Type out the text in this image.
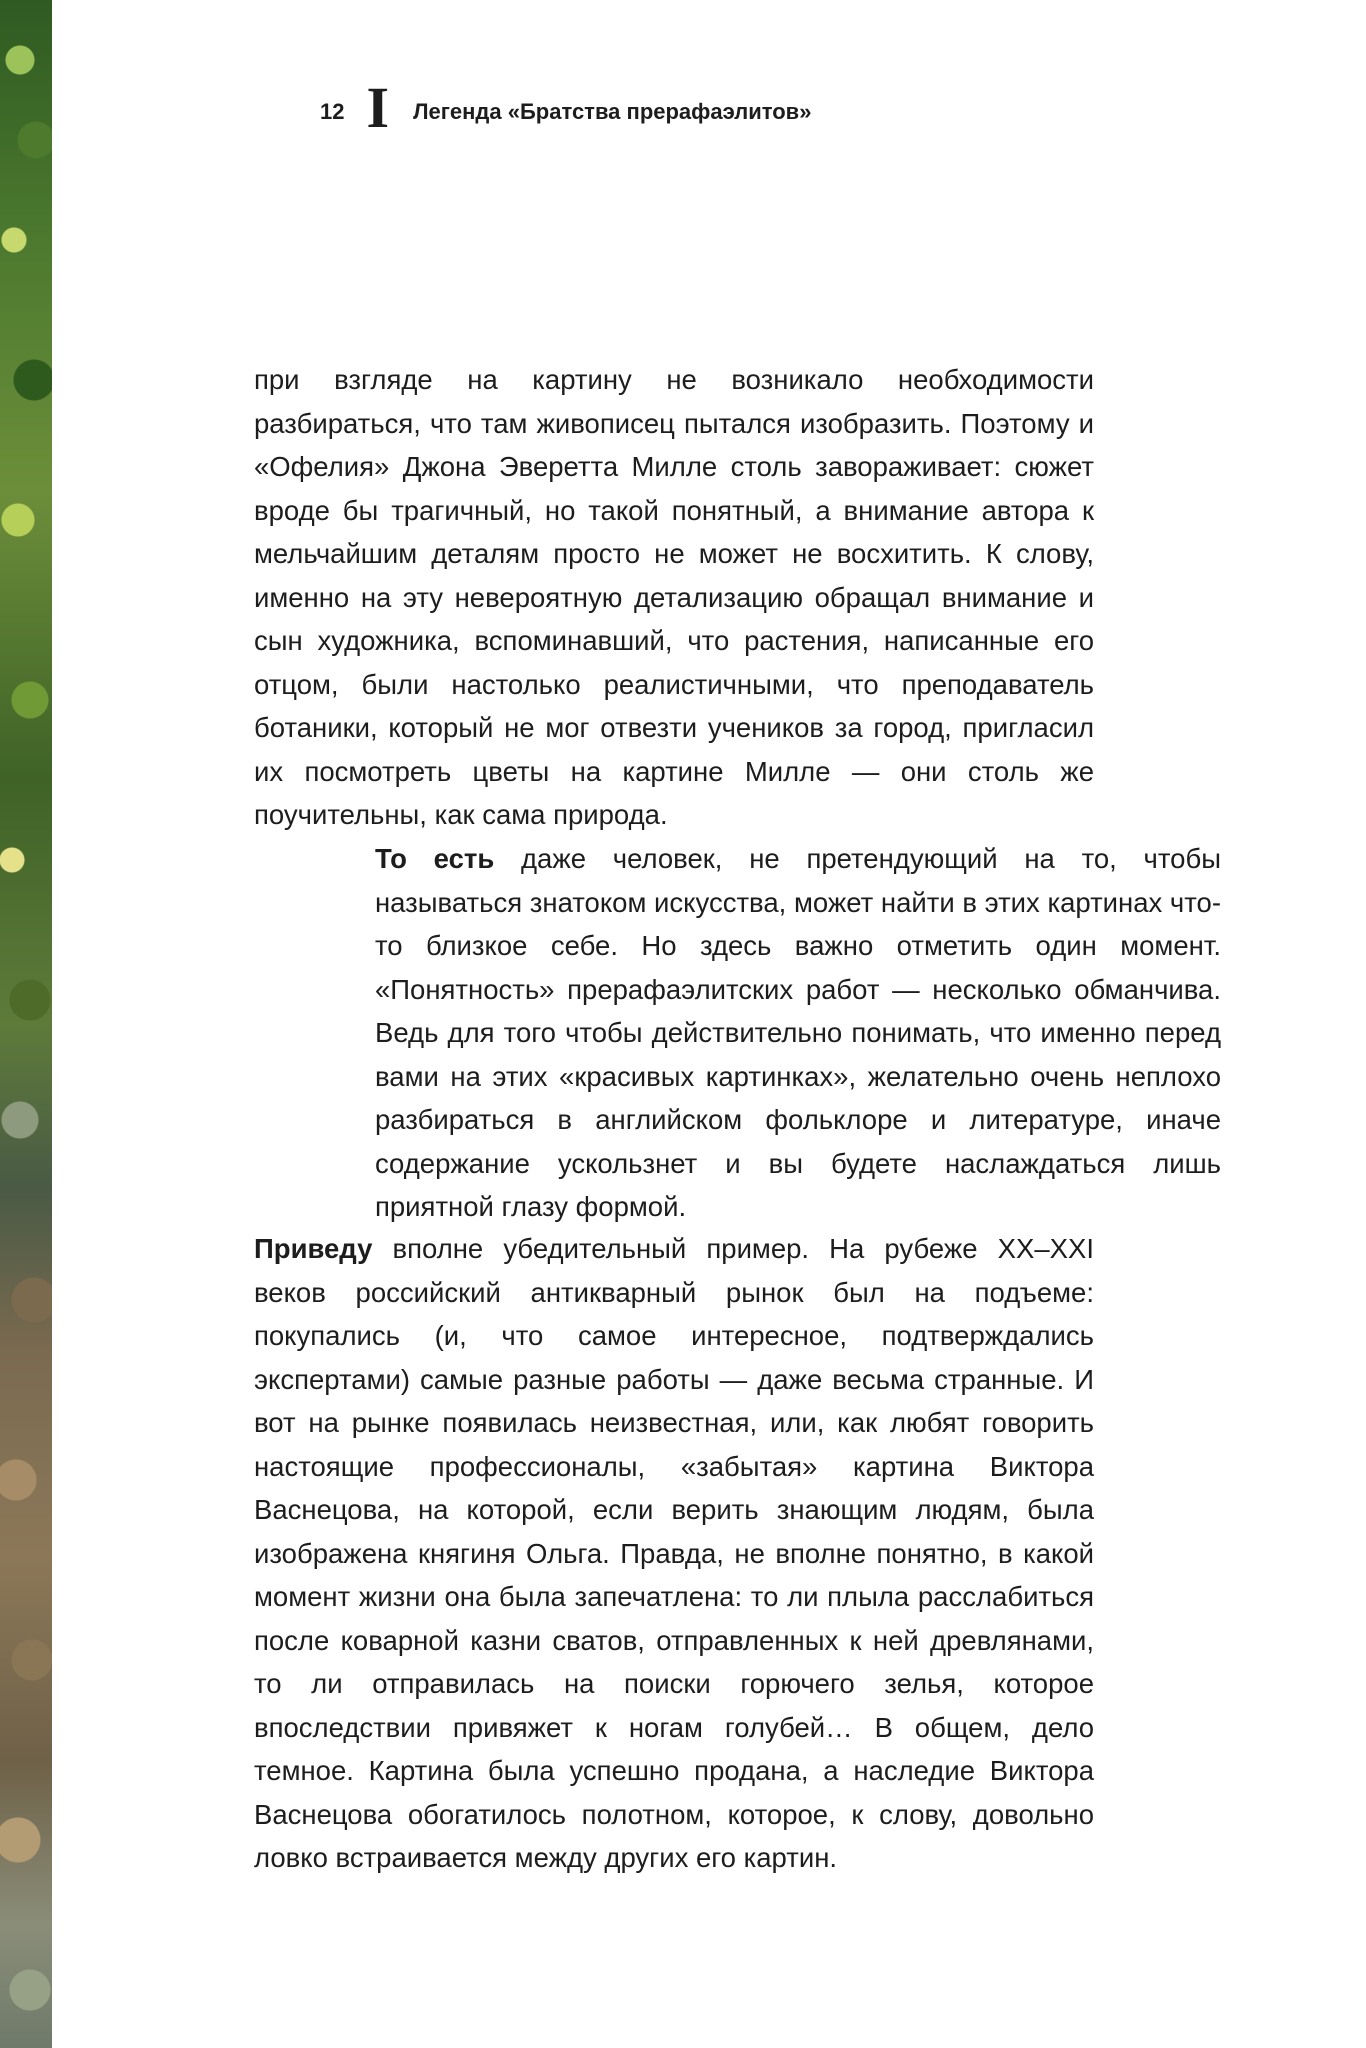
12 I Легенда «Братства прерафаэлитов»
при взгляде на картину не возникало необходимости разбираться, что там живописец пытался изобразить. Поэтому и «Офелия» Джона Эверетта Милле столь завораживает: сюжет вроде бы трагичный, но такой понятный, а внимание автора к мельчайшим деталям просто не может не восхитить. К слову, именно на эту невероятную детализацию обращал внимание и сын художника, вспоминавший, что растения, написанные его отцом, были настолько реалистичными, что преподаватель ботаники, который не мог отвезти учеников за город, пригласил их посмотреть цветы на картине Милле — они столь же поучительны, как сама природа.
То есть даже человек, не претендующий на то, чтобы называться знатоком искусства, может найти в этих картинах что-то близкое себе. Но здесь важно отметить один момент. «Понятность» прерафаэлитских работ — несколько обманчива. Ведь для того чтобы действительно понимать, что именно перед вами на этих «красивых картинках», желательно очень неплохо разбираться в английском фольклоре и литературе, иначе содержание ускользнет и вы будете наслаждаться лишь приятной глазу формой.
Приведу вполне убедительный пример. На рубеже XX–XXI веков российский антикварный рынок был на подъеме: покупались (и, что самое интересное, подтверждались экспертами) самые разные работы — даже весьма странные. И вот на рынке появилась неизвестная, или, как любят говорить настоящие профессионалы, «забытая» картина Виктора Васнецова, на которой, если верить знающим людям, была изображена княгиня Ольга. Правда, не вполне понятно, в какой момент жизни она была запечатлена: то ли плыла расслабиться после коварной казни сватов, отправленных к ней древлянами, то ли отправилась на поиски горючего зелья, которое впоследствии привяжет к ногам голубей… В общем, дело темное. Картина была успешно продана, а наследие Виктора Васнецова обогатилось полотном, которое, к слову, довольно ловко встраивается между других его картин.
